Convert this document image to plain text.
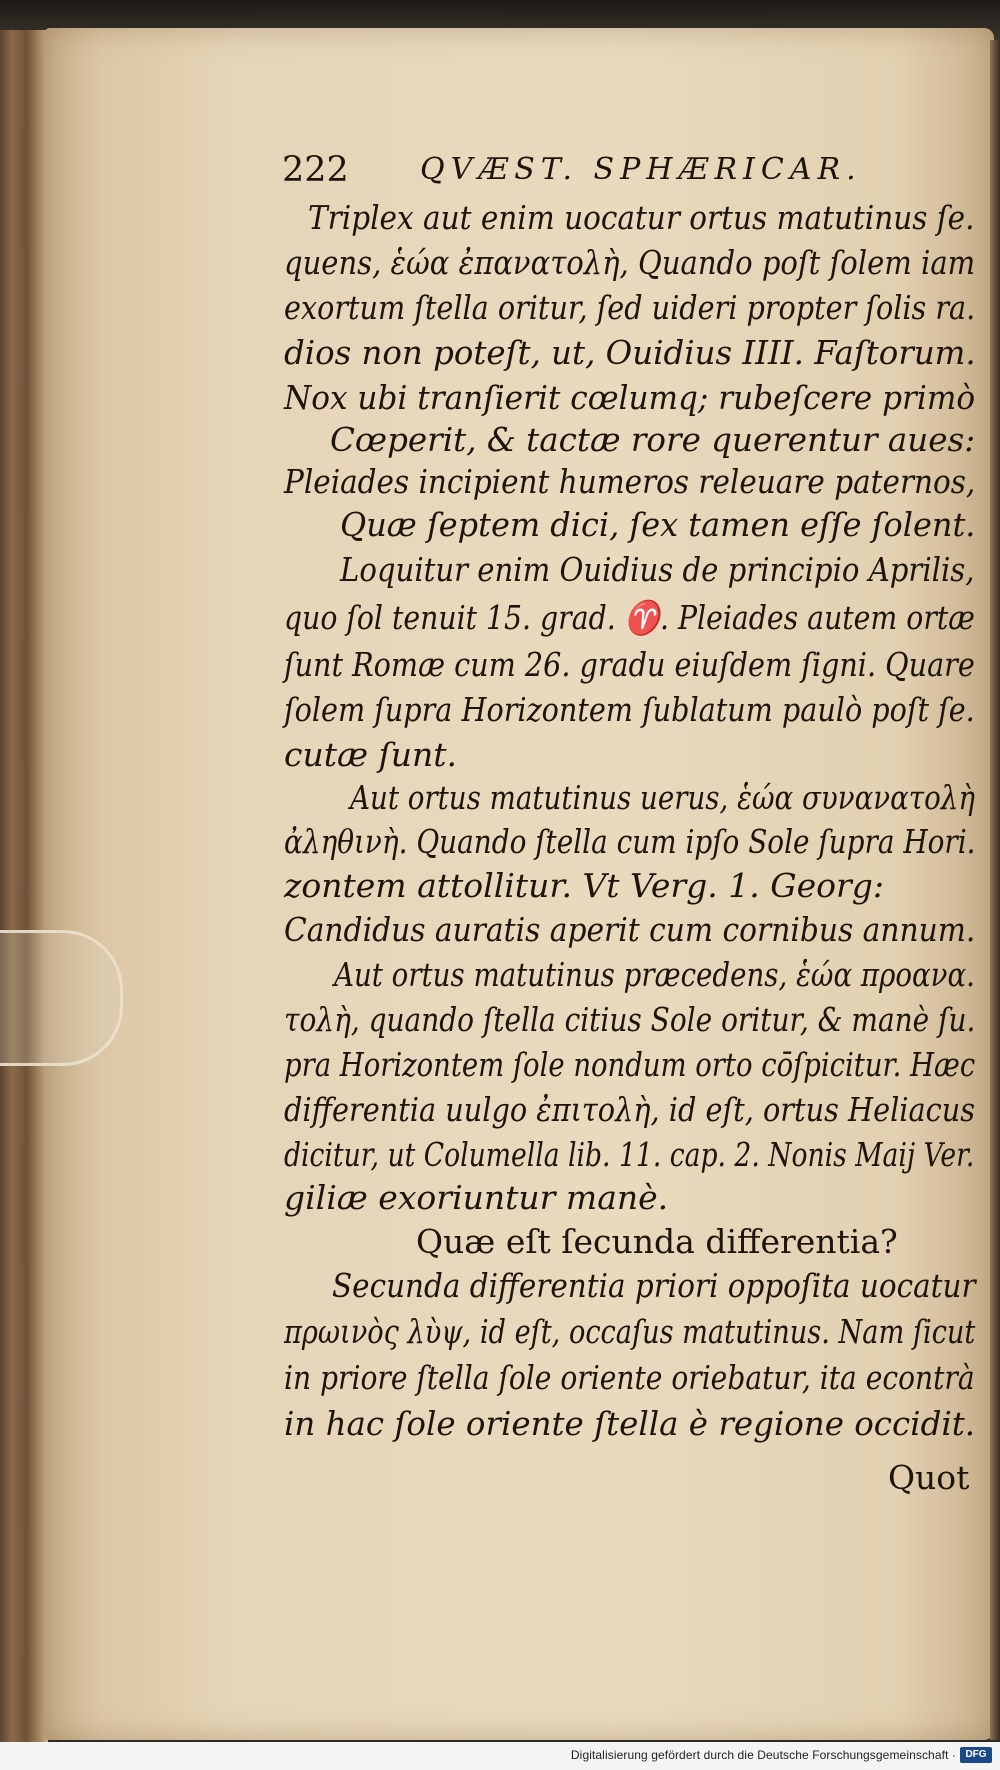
222 QVÆST. SPHÆRICAR.
Triplex aut enim uocatur ortus matutinus ſe.
quens, ἑώα ἐπανατολὴ, Quando poſt ſolem iam
exortum ſtella oritur, ſed uideri propter ſolis ra.
dios non poteſt, ut, Ouidius IIII. Faſtorum.
Nox ubi tranſierit cœlumq; rubeſcere primò
Cœperit, & tactæ rore querentur aues:
Pleiades incipient humeros releuare paternos,
Quæ ſeptem dici, ſex tamen eſſe ſolent.
Loquitur enim Ouidius de principio Aprilis,
quo ſol tenuit 15. grad. ♈. Pleiades autem ortæ
ſunt Romæ cum 26. gradu eiuſdem ſigni. Quare
ſolem ſupra Horizontem ſublatum paulò poſt ſe.
cutæ ſunt.
Aut ortus matutinus uerus, ἑώα συνανατολὴ
ἀληθινὴ. Quando ſtella cum ipſo Sole ſupra Hori.
zontem attollitur. Vt Verg. 1. Georg:
Candidus auratis aperit cum cornibus annum.
Aut ortus matutinus præcedens, ἑώα προανα.
τολὴ, quando ſtella citius Sole oritur, & manè ſu.
pra Horizontem ſole nondum orto cōſpicitur. Hæc
differentia uulgo ἐπιτολὴ, id eſt, ortus Heliacus
dicitur, ut Columella lib. 11. cap. 2. Nonis Maij Ver.
giliæ exoriuntur manè.
Quæ eſt ſecunda differentia?
Secunda differentia priori oppoſita uocatur
πρωινὸς λὺψ, id eſt, occaſus matutinus. Nam ſicut
in priore ſtella ſole oriente oriebatur, ita econtrà
in hac ſole oriente ſtella è regione occidit.
Quot
Digitalisierung gefördert durch die Deutsche Forschungsgemeinschaft · DFG
